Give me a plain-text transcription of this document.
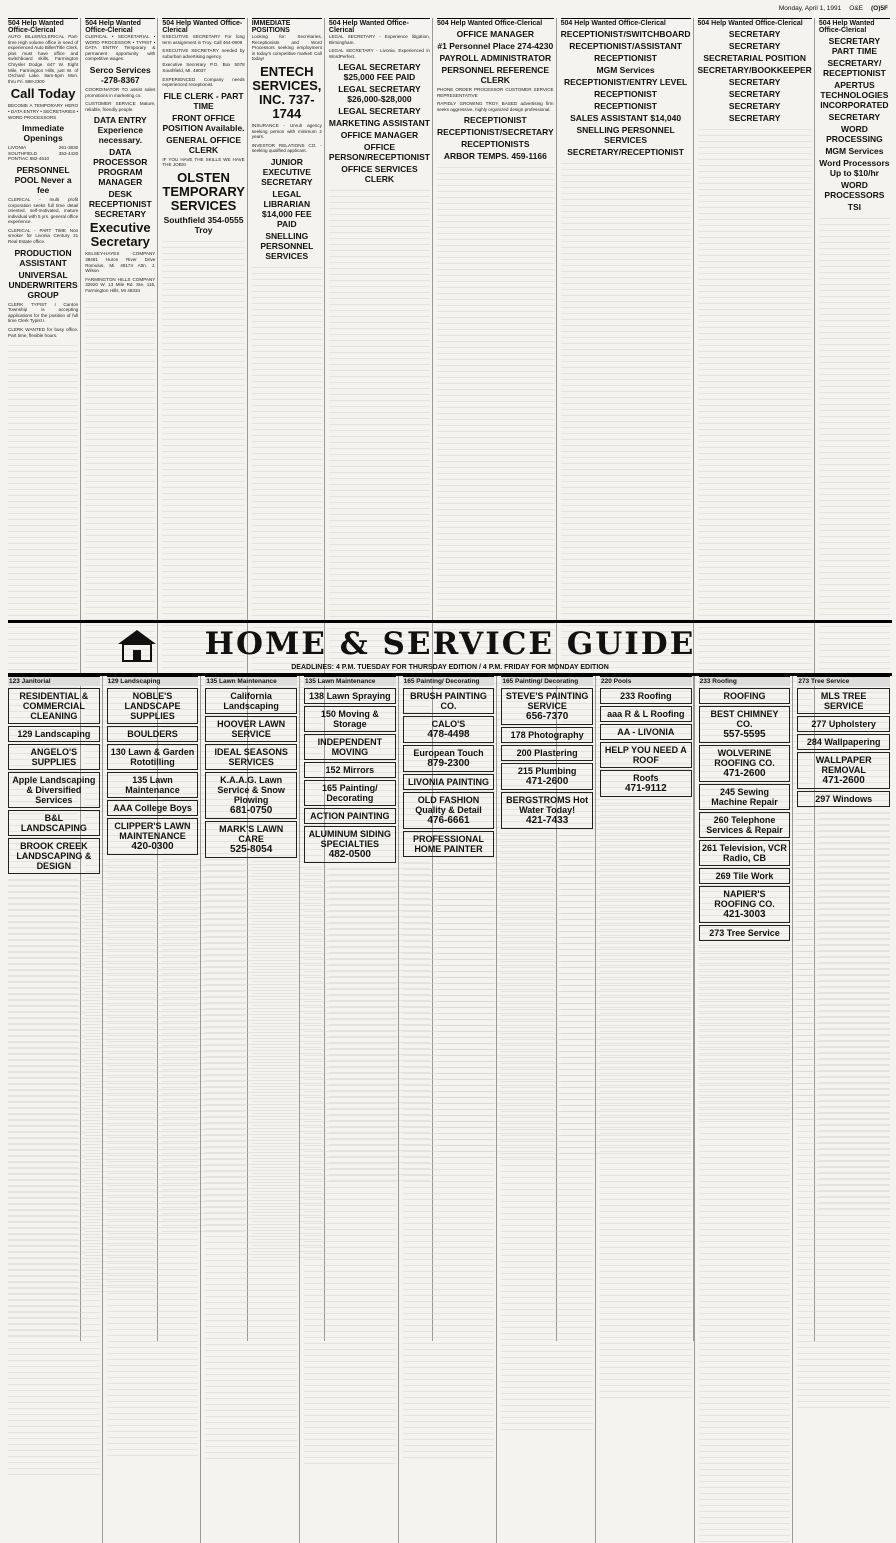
Monday, April 1, 1991 O&E (O)5F
504 Help Wanted Office-Clerical
AUTO BILLER/CLERICAL Part-time High volume office in need of experienced Auto Biller/Title Clerk, plus must have office and switchboard skills. Farmington Chrysler Dodge. 647 W. Eight Mile, Farmington Hills, just W. of Orchard Lake. 8am-5pm Mon. thru Fri. 698-2300
Call Today
BECOME A TEMPORARY HERO • DATA ENTRY • SECRETARIES • WORD PROCESSORS
Immediate Openings
LIVONIA 261-3830  SOUTHFIELD 353-4420  PONTIAC 682-4510
PERSONNEL POOL Never a fee
CLERICAL - multi profit corporation seeks full time detail oriented, self-motivated, mature individual with 5 yrs. general office experience.
CLERICAL - PART TIME Non smoker for Livonia Century 21 Real Estate office.
PRODUCTION ASSISTANT
UNIVERSAL UNDERWRITERS GROUP
CLERK TYPIST I Canton Township is accepting applications for the position of full time Clerk Typist I.
CLERK WANTED for busy office. Part time, flexible hours.
504 Help Wanted Office-Clerical
CLERICAL • SECRETARIAL • WORD PROCESSOR • TYPIST • DATA ENTRY Temporary & permanent opportunity with competitive wages.
Serco Services -278-8367
COORDINATOR TO assist sales promotions in marketing co.
CUSTOMER SERVICE Mature, reliable, friendly people.
DATA ENTRY Experience necessary.
DATA PROCESSOR PROGRAM MANAGER
DESK RECEPTIONIST SECRETARY
Executive Secretary
KELSEY-HAYES COMPANY 38481 Huron River Drive Romulus, Mi. 48174 Attn. J. Wilson
FARMINGTON HILLS COMPANY 32920 W. 13 Mile Rd. Ste. 115, Farmington Hills, MI 48334
504 Help Wanted Office-Clerical
EXECUTIVE SECRETARY For long term assignment in Troy. Call 464-0909
EXECUTIVE SECRETARY needed by suburban advertising agency.
Executive Secretary P.O. Box 5078 Southfield, MI. 48037
EXPERIENCED Company needs experienced receptionist.
FILE CLERK - PART TIME
FRONT OFFICE POSITION Available.
GENERAL OFFICE CLERK
IF YOU HAVE THE SKILLS WE HAVE THE JOBS!
OLSTEN TEMPORARY SERVICES
Southfield 354-0555 Troy
IMMEDIATE POSITIONS
Looking for: Secretaries, Receptionists and Word Processors seeking employment in today's competitive market! Call today!
ENTECH SERVICES, INC. 737-1744
INSURANCE - Unruh agency seeking person with minimum 2 years.
INVESTOR RELATIONS CO. - seeking qualified applicant.
JUNIOR EXECUTIVE SECRETARY
LEGAL LIBRARIAN $14,000 FEE PAID
SNELLING PERSONNEL SERVICES
504 Help Wanted Office-Clerical
LEGAL SECRETARY - Experience litigation, Birmingham.
LEGAL SECRETARY - Livonia. Experienced in WordPerfect.
LEGAL SECRETARY $25,000 FEE PAID
LEGAL SECRETARY $26,000-$28,000
LEGAL SECRETARY
MARKETING ASSISTANT
OFFICE MANAGER
OFFICE PERSON/RECEPTIONIST
OFFICE SERVICES CLERK
504 Help Wanted Office-Clerical
OFFICE MANAGER
#1 Personnel Place 274-4230
PAYROLL ADMINISTRATOR
PERSONNEL REFERENCE CLERK
PHONE ORDER PROCESSOR CUSTOMER SERVICE REPRESENTATIVE
RAPIDLY GROWING TROY BASED advertising firm seeks aggressive, highly organized design professional.
RECEPTIONIST
RECEPTIONIST/SECRETARY
RECEPTIONISTS
ARBOR TEMPS. 459-1166
504 Help Wanted Office-Clerical
RECEPTIONIST/SWITCHBOARD
RECEPTIONIST/ASSISTANT
RECEPTIONIST
MGM Services
RECEPTIONIST/ENTRY LEVEL
RECEPTIONIST
RECEPTIONIST
SALES ASSISTANT $14,040
SNELLING PERSONNEL SERVICES
SECRETARY/RECEPTIONIST
504 Help Wanted Office-Clerical
SECRETARY
SECRETARY
SECRETARIAL POSITION
SECRETARY/BOOKKEEPER
SECRETARY
SECRETARY
SECRETARY
SECRETARY
504 Help Wanted Office-Clerical
SECRETARY PART TIME
SECRETARY/ RECEPTIONIST
APERTUS TECHNOLOGIES INCORPORATED
SECRETARY
WORD PROCESSING
MGM Services
Word Processors Up to $10/hr
WORD PROCESSORS
TSI
HOME & SERVICE GUIDE
DEADLINES: 4 P.M. TUESDAY FOR THURSDAY EDITION / 4 P.M. FRIDAY FOR MONDAY EDITION
123 Janitorial
RESIDENTIAL & COMMERCIAL CLEANING
129 Landscaping
ANGELO'S SUPPLIES
Apple Landscaping & Diversified Services
B&L LANDSCAPING
BROOK CREEK LANDSCAPING & DESIGN
129 Landscaping
NOBLE'S LANDSCAPE SUPPLIES
BOULDERS
130 Lawn & Garden Rototilling
135 Lawn Maintenance
AAA College Boys
CLIPPER'S LAWN MAINTENANCE
420-0300
135 Lawn Maintenance
California Landscaping
HOOVER LAWN SERVICE
IDEAL SEASONS SERVICES
K.A.A.G. Lawn Service & Snow Plowing
681-0750
MARK'S LAWN CARE
525-8054
135 Lawn Maintenance
138 Lawn Spraying
150 Moving & Storage
INDEPENDENT MOVING
152 Mirrors
165 Painting/ Decorating
ACTION PAINTING
ALUMINUM SIDING SPECIALTIES
482-0500
165 Painting/ Decorating
BRUSH PAINTING CO.
CALO'S
478-4498
European Touch
879-2300
LIVONIA PAINTING
OLD FASHION Quality & Detail
476-6661
PROFESSIONAL HOME PAINTER
165 Painting/ Decorating
STEVE'S PAINTING SERVICE
656-7370
178 Photography
200 Plastering
215 Plumbing
471-2600
BERGSTROMS Hot Water Today!
421-7433
220 Pools
233 Roofing
aaa R & L Roofing
AA - LIVONIA
HELP YOU NEED A ROOF
Roofs
471-9112
233 Roofing
ROOFING
BEST CHIMNEY CO.
557-5595
WOLVERINE ROOFING CO.
471-2600
245 Sewing Machine Repair
260 Telephone Services & Repair
261 Television, VCR Radio, CB
269 Tile Work
NAPIER'S ROOFING CO.
421-3003
273 Tree Service
273 Tree Service
MLS TREE SERVICE
277 Upholstery
284 Wallpapering
WALLPAPER REMOVAL
471-2600
297 Windows
